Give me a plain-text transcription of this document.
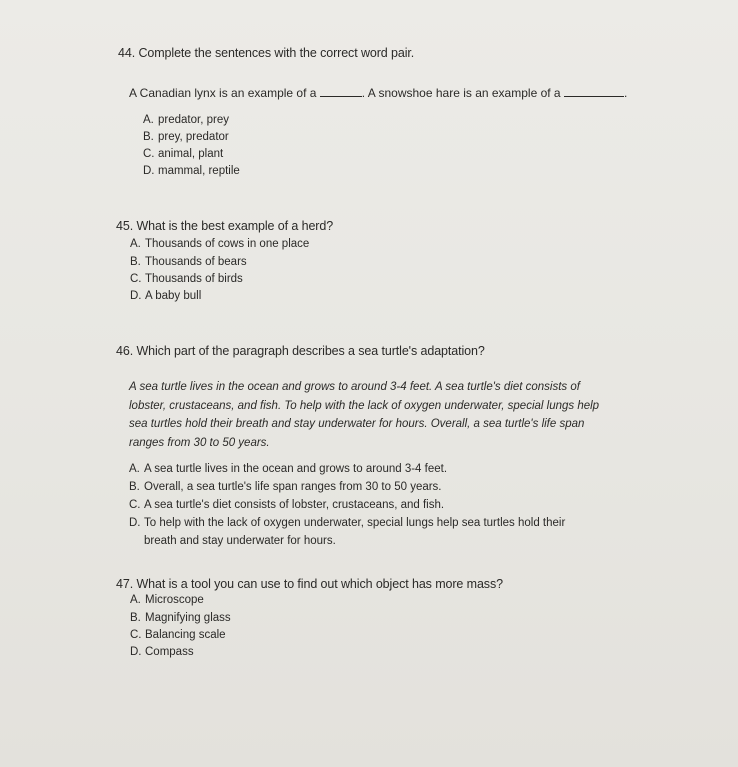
44. Complete the sentences with the correct word pair.
A Canadian lynx is an example of a	. A snowshoe hare is an example of a	.
A. predator, prey
B. prey, predator
C. animal, plant
D. mammal, reptile
45. What is the best example of a herd?
A. Thousands of cows in one place
B. Thousands of bears
C. Thousands of birds
D. A baby bull
46. Which part of the paragraph describes a sea turtle's adaptation?
A sea turtle lives in the ocean and grows to around 3-4 feet. A sea turtle's diet consists of
lobster, crustaceans, and fish. To help with the lack of oxygen underwater, special lungs help
sea turtles hold their breath and stay underwater for hours. Overall, a sea turtle's life span
ranges from 30 to 50 years.
A. A sea turtle lives in the ocean and grows to around 3-4 feet.
B. Overall, a sea turtle's life span ranges from 30 to 50 years.
C. A sea turtle's diet consists of lobster, crustaceans, and fish.
D. To help with the lack of oxygen underwater, special lungs help sea turtles hold their
breath and stay underwater for hours.
47. What is a tool you can use to find out which object has more mass?
A. Microscope
B. Magnifying glass
C. Balancing scale
D. Compass
